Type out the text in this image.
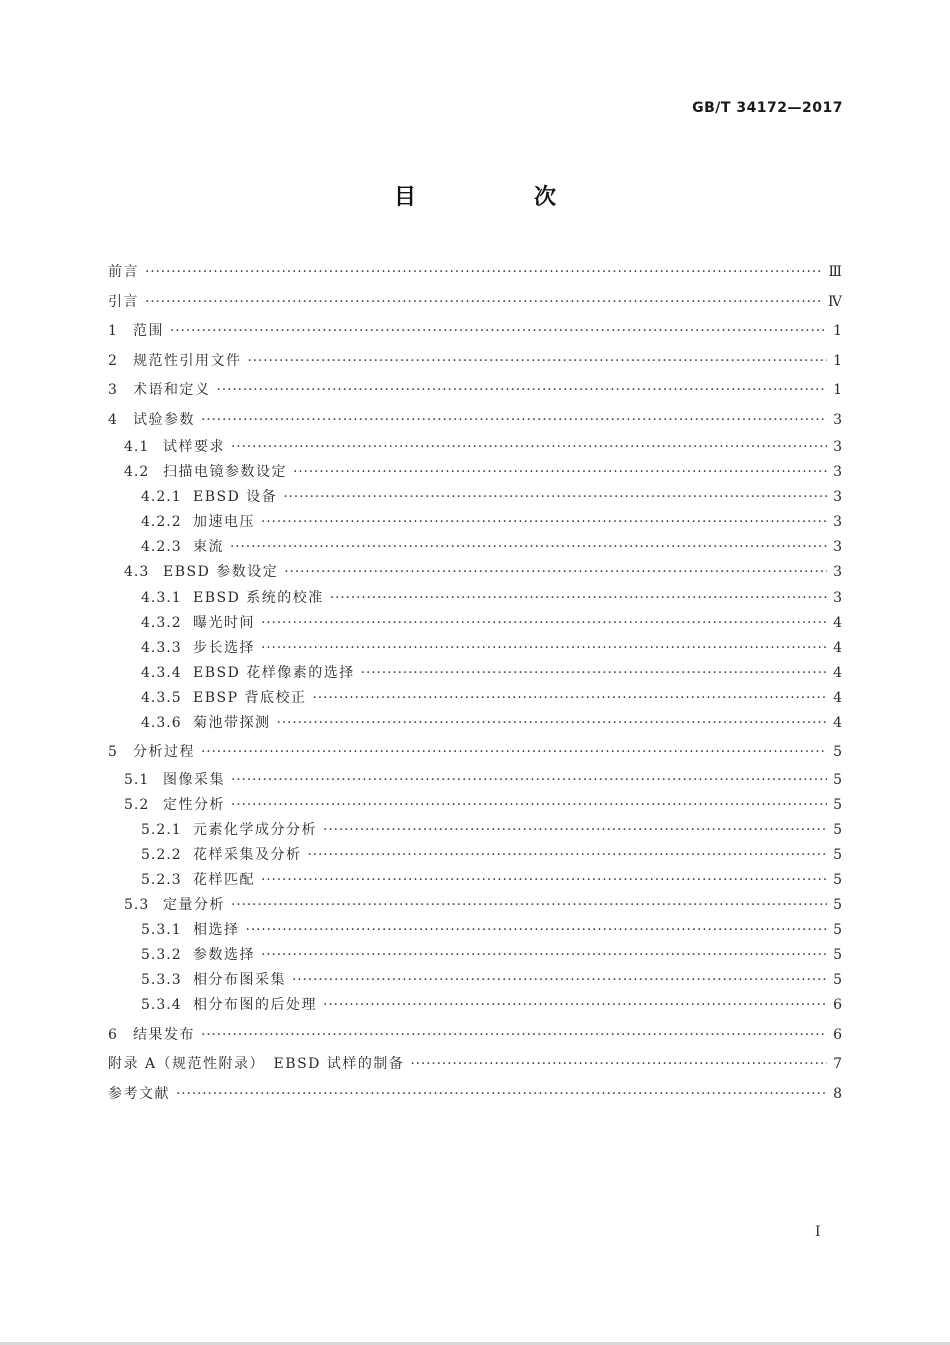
GB/T 34172—2017
目　次
前言 ·····	Ⅲ
引言 ·····	Ⅳ
1	范围 ·····	1
2	规范性引用文件 ·····	1
3	术语和定义 ·····	1
4	试验参数 ·····	3
4.1 试样要求 ·····	3
4.2 扫描电镜参数设定 ·····	3
4.2.1 EBSD 设备 ·····	3
4.2.2 加速电压 ·····	3
4.2.3 束流 ·····	3
4.3 EBSD 参数设定 ·····	3
4.3.1 EBSD 系统的校准 ·····	3
4.3.2 曝光时间 ·····	4
4.3.3 步长选择 ·····	4
4.3.4 EBSD 花样像素的选择 ·····	4
4.3.5 EBSP 背底校正 ·····	4
4.3.6 菊池带探测 ·····	4
5	分析过程 ·····	5
5.1 图像采集 ·····	5
5.2 定性分析 ·····	5
5.2.1 元素化学成分分析 ·····	5
5.2.2 花样采集及分析 ·····	5
5.2.3 花样匹配 ·····	5
5.3 定量分析 ·····	5
5.3.1 相选择 ·····	5
5.3.2 参数选择 ·····	5
5.3.3 相分布图采集 ·····	5
5.3.4 相分布图的后处理 ·····	6
6	结果发布 ·····	6
附录 A（规范性附录）　EBSD 试样的制备 ·····	7
参考文献 ·····	8
Ⅰ
